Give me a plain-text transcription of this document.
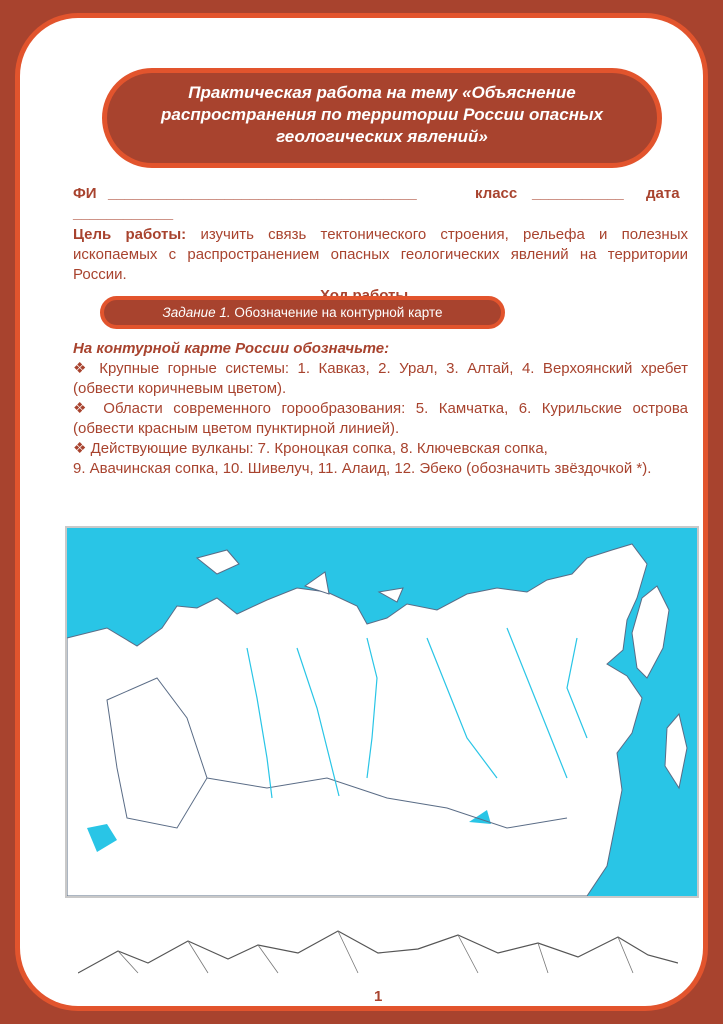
Практическая работа на тему «Объяснение распространения по территории России опасных геологических явлений»
ФИ _____________________________________	класс ___________ дата
____________
Цель работы: изучить связь тектонического строения, рельефа и полезных ископаемых с распространением опасных геологических явлений на территории России.
Задание 1. Обозначение на контурной карте
На контурной карте России обозначьте:

❖ Крупные горные системы: 1. Кавказ, 2. Урал, 3. Алтай, 4. Верхоянский хребет (обвести коричневым цветом).

❖ Области современного горообразования: 5. Камчатка, 6. Курильские острова (обвести красным цветом пунктирной линией).

❖ Действующие вулканы: 7. Кроноцкая сопка, 8. Ключевская сопка,

9. Авачинская сопка, 10. Шивелуч, 11. Алаид, 12. Эбеко (обозначить звёздочкой *).

1
